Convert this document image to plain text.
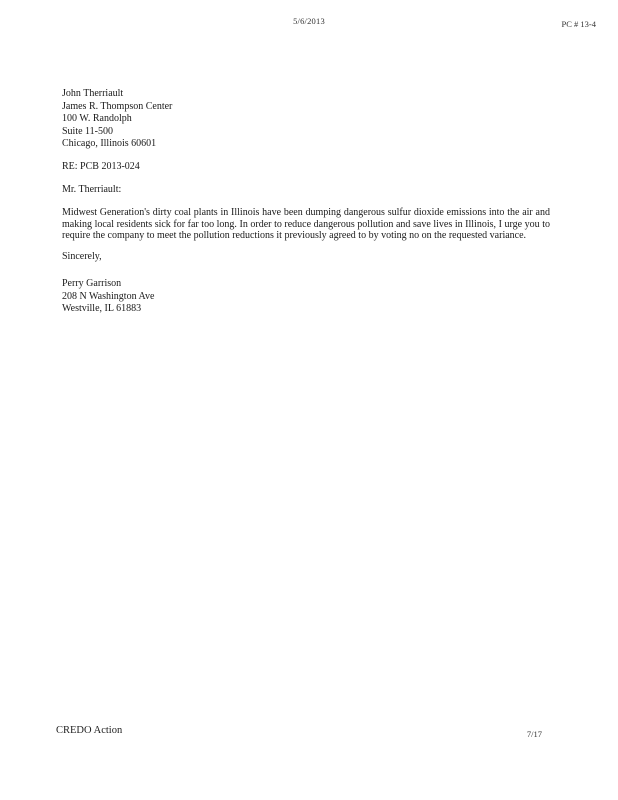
5/6/2013	PC # 13-4
John Therriault
James R. Thompson Center
100 W. Randolph
Suite 11-500
Chicago, Illinois 60601
RE: PCB 2013-024
Mr. Therriault:
Midwest Generation's dirty coal plants in Illinois have been dumping dangerous sulfur dioxide emissions into the air and making local residents sick for far too long. In order to reduce dangerous pollution and save lives in Illinois, I urge you to require the company to meet the pollution reductions it previously agreed to by voting no on the requested variance.
Sincerely,
Perry Garrison
208 N Washington Ave
Westville, IL 61883
CREDO Action	7/17
